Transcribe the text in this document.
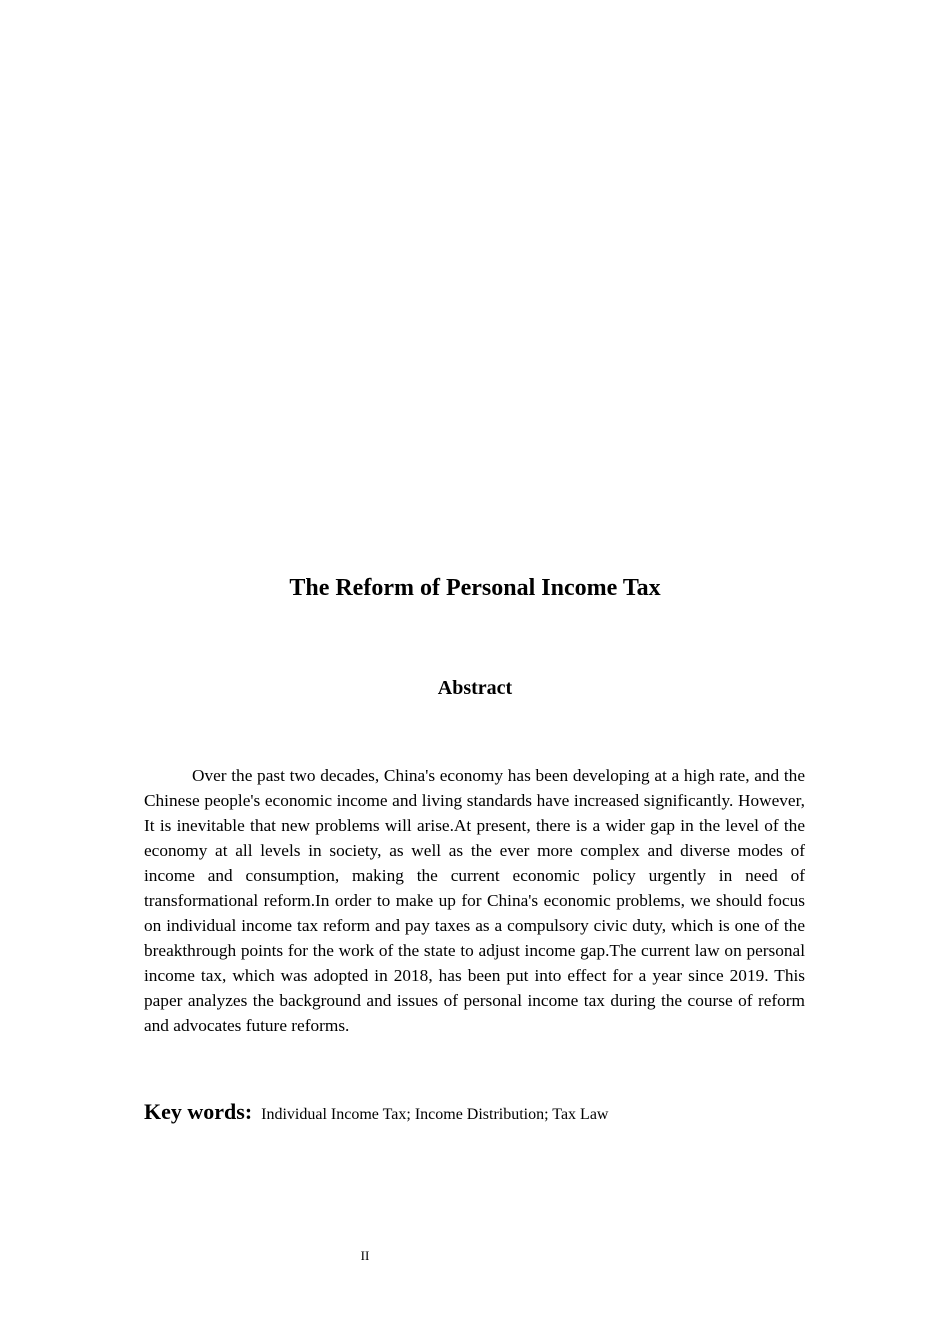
The Reform of Personal Income Tax
Abstract

Over the past two decades, China's economy has been developing at a high rate, and the Chinese people's economic income and living standards have increased significantly. However, It is inevitable that new problems will arise.At present, there is a wider gap in the level of the economy at all levels in society, as well as the ever more complex and diverse modes of income and consumption, making the current economic policy urgently in need of transformational reform.In order to make up for China's economic problems, we should focus on individual income tax reform and pay taxes as a compulsory civic duty, which is one of the breakthrough points for the work of the state to adjust income gap.The current law on personal income tax, which was adopted in 2018, has been put into effect for a year since 2019. This paper analyzes the background and issues of personal income tax during the course of reform and advocates future reforms.

Key words: Individual Income Tax; Income Distribution; Tax Law
II
